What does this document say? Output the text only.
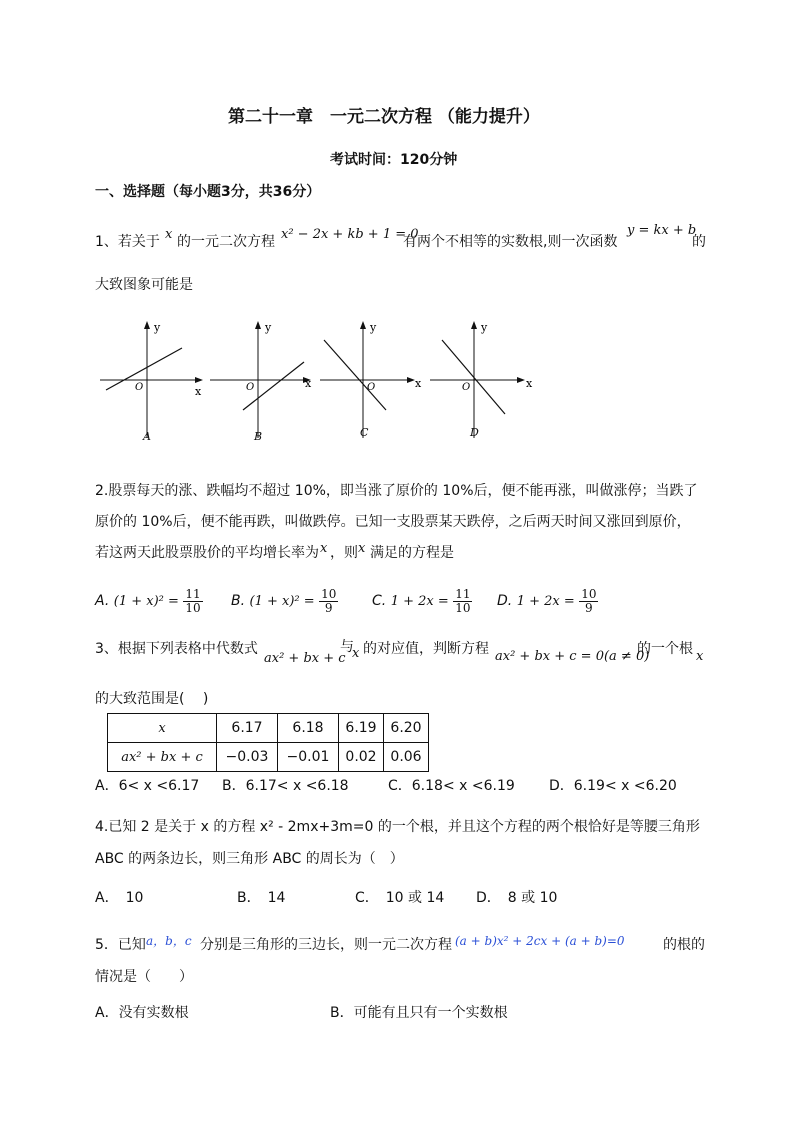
第二十一章　一元二次方程 （能力提升）
考试时间：120分钟
一、选择题（每小题3分，共36分）
1、若关于 x 的一元二次方程 x² − 2x + kb + 1 = 0
有两个不相等的实数根,则一次函数
y = kx + b
的
大致图象可能是
y
x
O
A
y
x
O
B
y
x
O
C
y
x
O
D
2.股票每天的涨、跌幅均不超过 10%，即当涨了原价的 10%后，便不能再涨，叫做涨停；当跌了
原价的 10%后，便不能再跌，叫做跌停。已知一支股票某天跌停，之后两天时间又涨回到原价，
若这两天此股票股价的平均增长率为 x ，则 x 满足的方程是
A. $(1 + x)^2 = \frac{11}{10} B$. $(1 + x)^2 = \frac{10}{9} C$. $1 + 2x = \frac{11}{10} D$. $1 + 2x = \frac{10}{9}$
3、根据下列表格中代数式
ax² + bx + c
与
x 的对应值，判断方程 ax² + bx + c = 0(a ≠ 0)
的一个根 x
的大致范围是(　 )
x	6.17	6.18	6.19	6.20
ax² + bx + c	−0.03	−0.01	0.02	0.06
A．6< x <6.17 B．6.17< x <6.18	C．6.18< x <6.19 D．6.19< x <6.20
4.已知 2 是关于 x 的方程 x² - 2mx+3m=0 的一个根，并且这个方程的两个根恰好是等腰三角形
ABC 的两条边长，则三角形 ABC 的周长为（　）
A．　10	B．　14	C．　10 或 14 D．　8 或 10
5．已知 a，b，c 分别是三角形的三边长，则一元二次方程 (a + b)x² + 2cx + (a + b)=0	的根的
情况是（　　）
A．没有实数根	B．可能有且只有一个实数根
